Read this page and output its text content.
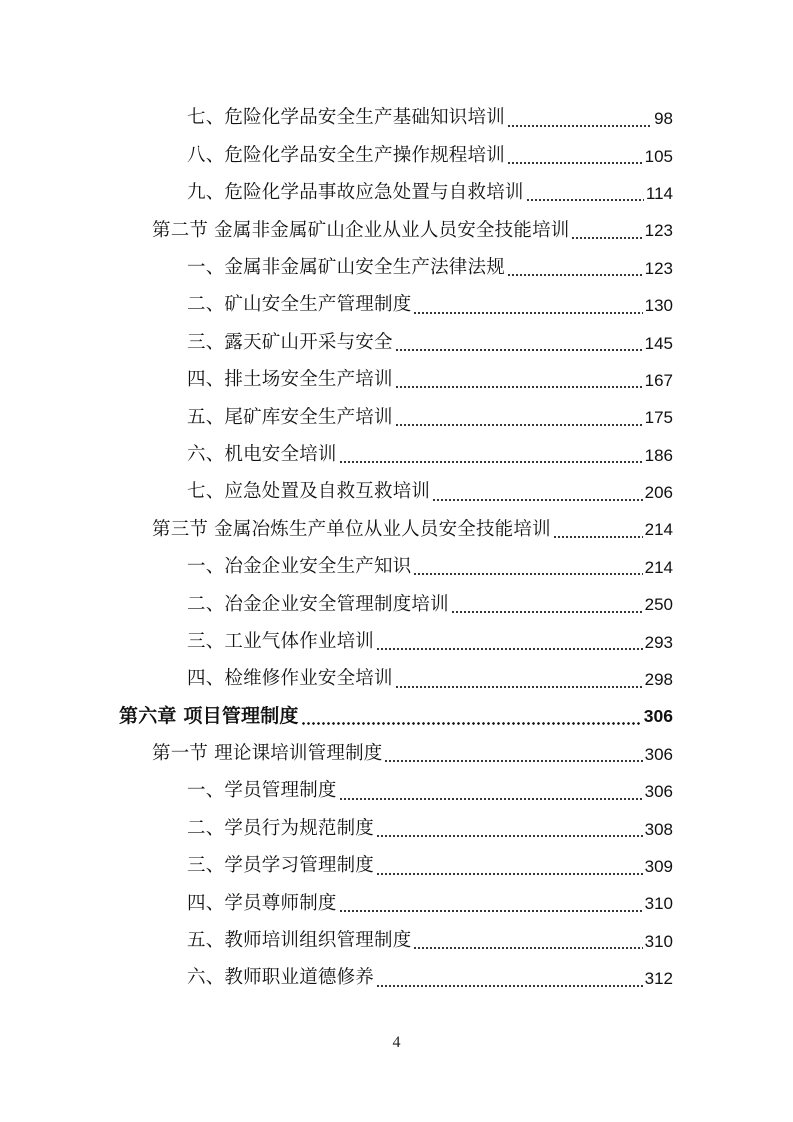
七、危险化学品安全生产基础知识培训	98
八、危险化学品安全生产操作规程培训	105
九、危险化学品事故应急处置与自救培训	114
第二节 金属非金属矿山企业从业人员安全技能培训	123
一、金属非金属矿山安全生产法律法规	123
二、矿山安全生产管理制度	130
三、露天矿山开采与安全	145
四、排土场安全生产培训	167
五、尾矿库安全生产培训	175
六、机电安全培训	186
七、应急处置及自救互救培训	206
第三节 金属冶炼生产单位从业人员安全技能培训	214
一、冶金企业安全生产知识	214
二、冶金企业安全管理制度培训	250
三、工业气体作业培训	293
四、检维修作业安全培训	298
第六章 项目管理制度	306
第一节 理论课培训管理制度	306
一、学员管理制度	306
二、学员行为规范制度	308
三、学员学习管理制度	309
四、学员尊师制度	310
五、教师培训组织管理制度	310
六、教师职业道德修养	312
4
